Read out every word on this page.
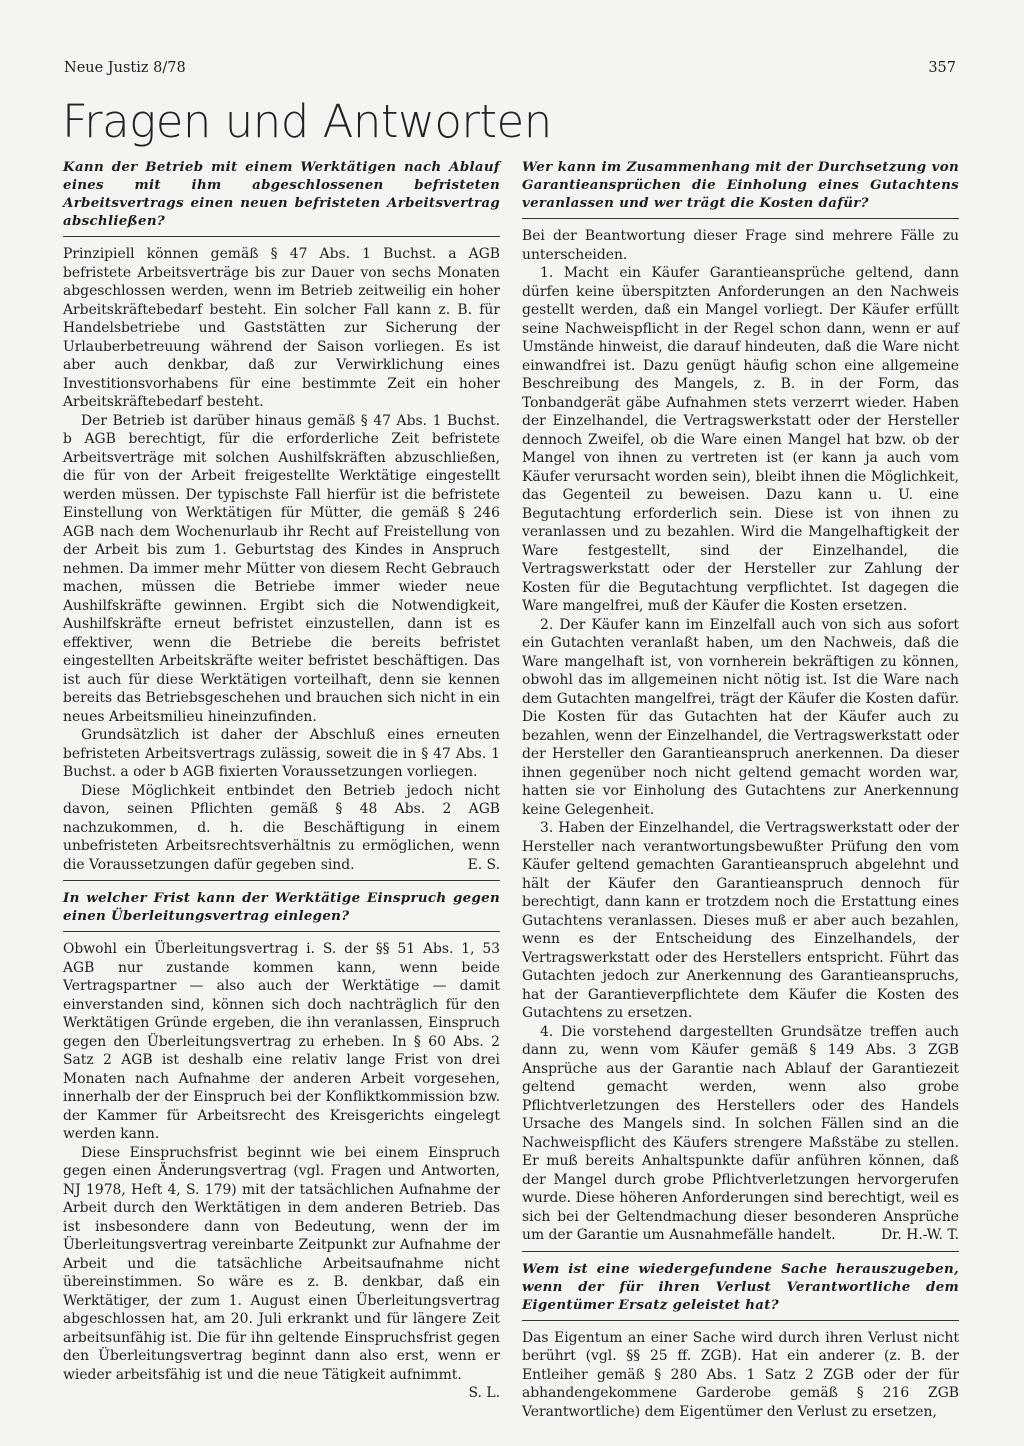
Neue Justiz 8/78	357
Fragen und Antworten

Kann der Betrieb mit einem Werktätigen nach Ablauf eines mit ihm abgeschlossenen befristeten Arbeitsvertrags einen neuen befristeten Arbeitsvertrag abschließen?

Prinzipiell können gemäß § 47 Abs. 1 Buchst. a AGB befristete Arbeitsverträge bis zur Dauer von sechs Monaten abgeschlossen werden, wenn im Betrieb zeitweilig ein hoher Arbeitskräftebedarf besteht. Ein solcher Fall kann z. B. für Handelsbetriebe und Gaststätten zur Sicherung der Urlauberbetreuung während der Saison vorliegen. Es ist aber auch denkbar, daß zur Verwirklichung eines Investitionsvorhabens für eine bestimmte Zeit ein hoher Arbeitskräftebedarf besteht.

Der Betrieb ist darüber hinaus gemäß § 47 Abs. 1 Buchst. b AGB berechtigt, für die erforderliche Zeit befristete Arbeitsverträge mit solchen Aushilfskräften abzuschließen, die für von der Arbeit freigestellte Werktätige eingestellt werden müssen. Der typischste Fall hierfür ist die befristete Einstellung von Werktätigen für Mütter, die gemäß § 246 AGB nach dem Wochenurlaub ihr Recht auf Freistellung von der Arbeit bis zum 1. Geburtstag des Kindes in Anspruch nehmen. Da immer mehr Mütter von diesem Recht Gebrauch machen, müssen die Betriebe immer wieder neue Aushilfskräfte gewinnen. Ergibt sich die Notwendigkeit, Aushilfskräfte erneut befristet einzustellen, dann ist es effektiver, wenn die Betriebe die bereits befristet eingestellten Arbeitskräfte weiter befristet beschäftigen. Das ist auch für diese Werktätigen vorteilhaft, denn sie kennen bereits das Betriebsgeschehen und brauchen sich nicht in ein neues Arbeitsmilieu hineinzufinden.

Grundsätzlich ist daher der Abschluß eines erneuten befristeten Arbeitsvertrags zulässig, soweit die in § 47 Abs. 1 Buchst. a oder b AGB fixierten Voraussetzungen vorliegen.

Diese Möglichkeit entbindet den Betrieb jedoch nicht davon, seinen Pflichten gemäß § 48 Abs. 2 AGB nachzukommen, d. h. die Beschäftigung in einem unbefristeten Arbeitsrechtsverhältnis zu ermöglichen, wenn die Voraussetzungen dafür gegeben sind.	E. S.

In welcher Frist kann der Werktätige Einspruch gegen einen Überleitungsvertrag einlegen?

Obwohl ein Überleitungsvertrag i. S. der §§ 51 Abs. 1, 53 AGB nur zustande kommen kann, wenn beide Vertragspartner — also auch der Werktätige — damit einverstanden sind, können sich doch nachträglich für den Werktätigen Gründe ergeben, die ihn veranlassen, Einspruch gegen den Überleitungsvertrag zu erheben. In § 60 Abs. 2 Satz 2 AGB ist deshalb eine relativ lange Frist von drei Monaten nach Aufnahme der anderen Arbeit vorgesehen, innerhalb der der Einspruch bei der Konfliktkommission bzw. der Kammer für Arbeitsrecht des Kreisgerichts eingelegt werden kann.

Diese Einspruchsfrist beginnt wie bei einem Einspruch gegen einen Änderungsvertrag (vgl. Fragen und Antworten, NJ 1978, Heft 4, S. 179) mit der tatsächlichen Aufnahme der Arbeit durch den Werktätigen in dem anderen Betrieb. Das ist insbesondere dann von Bedeutung, wenn der im Überleitungsvertrag vereinbarte Zeitpunkt zur Aufnahme der Arbeit und die tatsächliche Arbeitsaufnahme nicht übereinstimmen. So wäre es z. B. denkbar, daß ein Werktätiger, der zum 1. August einen Überleitungsvertrag abgeschlossen hat, am 20. Juli erkrankt und für längere Zeit arbeitsunfähig ist. Die für ihn geltende Einspruchsfrist gegen den Überleitungsvertrag beginnt dann also erst, wenn er wieder arbeitsfähig ist und die neue Tätigkeit aufnimmt.
S. L.

Wer kann im Zusammenhang mit der Durchsetzung von Garantieansprüchen die Einholung eines Gutachtens veranlassen und wer trägt die Kosten dafür?

Bei der Beantwortung dieser Frage sind mehrere Fälle zu unterscheiden.

1. Macht ein Käufer Garantieansprüche geltend, dann dürfen keine überspitzten Anforderungen an den Nachweis gestellt werden, daß ein Mangel vorliegt. Der Käufer erfüllt seine Nachweispflicht in der Regel schon dann, wenn er auf Umstände hinweist, die darauf hindeuten, daß die Ware nicht einwandfrei ist. Dazu genügt häufig schon eine allgemeine Beschreibung des Mangels, z. B. in der Form, das Tonbandgerät gäbe Aufnahmen stets verzerrt wieder. Haben der Einzelhandel, die Vertragswerkstatt oder der Hersteller dennoch Zweifel, ob die Ware einen Mangel hat bzw. ob der Mangel von ihnen zu vertreten ist (er kann ja auch vom Käufer verursacht worden sein), bleibt ihnen die Möglichkeit, das Gegenteil zu beweisen. Dazu kann u. U. eine Begutachtung erforderlich sein. Diese ist von ihnen zu veranlassen und zu bezahlen. Wird die Mangelhaftigkeit der Ware festgestellt, sind der Einzelhandel, die Vertragswerkstatt oder der Hersteller zur Zahlung der Kosten für die Begutachtung verpflichtet. Ist dagegen die Ware mangelfrei, muß der Käufer die Kosten ersetzen.

2. Der Käufer kann im Einzelfall auch von sich aus sofort ein Gutachten veranlaßt haben, um den Nachweis, daß die Ware mangelhaft ist, von vornherein bekräftigen zu können, obwohl das im allgemeinen nicht nötig ist. Ist die Ware nach dem Gutachten mangelfrei, trägt der Käufer die Kosten dafür. Die Kosten für das Gutachten hat der Käufer auch zu bezahlen, wenn der Einzelhandel, die Vertragswerkstatt oder der Hersteller den Garantieanspruch anerkennen. Da dieser ihnen gegenüber noch nicht geltend gemacht worden war, hatten sie vor Einholung des Gutachtens zur Anerkennung keine Gelegenheit.

3. Haben der Einzelhandel, die Vertragswerkstatt oder der Hersteller nach verantwortungsbewußter Prüfung den vom Käufer geltend gemachten Garantieanspruch abgelehnt und hält der Käufer den Garantieanspruch dennoch für berechtigt, dann kann er trotzdem noch die Erstattung eines Gutachtens veranlassen. Dieses muß er aber auch bezahlen, wenn es der Entscheidung des Einzelhandels, der Vertragswerkstatt oder des Herstellers entspricht. Führt das Gutachten jedoch zur Anerkennung des Garantieanspruchs, hat der Garantieverpflichtete dem Käufer die Kosten des Gutachtens zu ersetzen.

4. Die vorstehend dargestellten Grundsätze treffen auch dann zu, wenn vom Käufer gemäß § 149 Abs. 3 ZGB Ansprüche aus der Garantie nach Ablauf der Garantiezeit geltend gemacht werden, wenn also grobe Pflichtverletzungen des Herstellers oder des Handels Ursache des Mangels sind. In solchen Fällen sind an die Nachweispflicht des Käufers strengere Maßstäbe zu stellen. Er muß bereits Anhaltspunkte dafür anführen können, daß der Mangel durch grobe Pflichtverletzungen hervorgerufen wurde. Diese höheren Anforderungen sind berechtigt, weil es sich bei der Geltendmachung dieser besonderen Ansprüche um der Garantie um Ausnahmefälle handelt.	Dr. H.-W. T.

Wem ist eine wiedergefundene Sache herauszugeben, wenn der für ihren Verlust Verantwortliche dem Eigentümer Ersatz geleistet hat?

Das Eigentum an einer Sache wird durch ihren Verlust nicht berührt (vgl. §§ 25 ff. ZGB). Hat ein anderer (z. B. der Entleiher gemäß § 280 Abs. 1 Satz 2 ZGB oder der für abhandengekommene Garderobe gemäß § 216 ZGB Verantwortliche) dem Eigentümer den Verlust zu ersetzen,
